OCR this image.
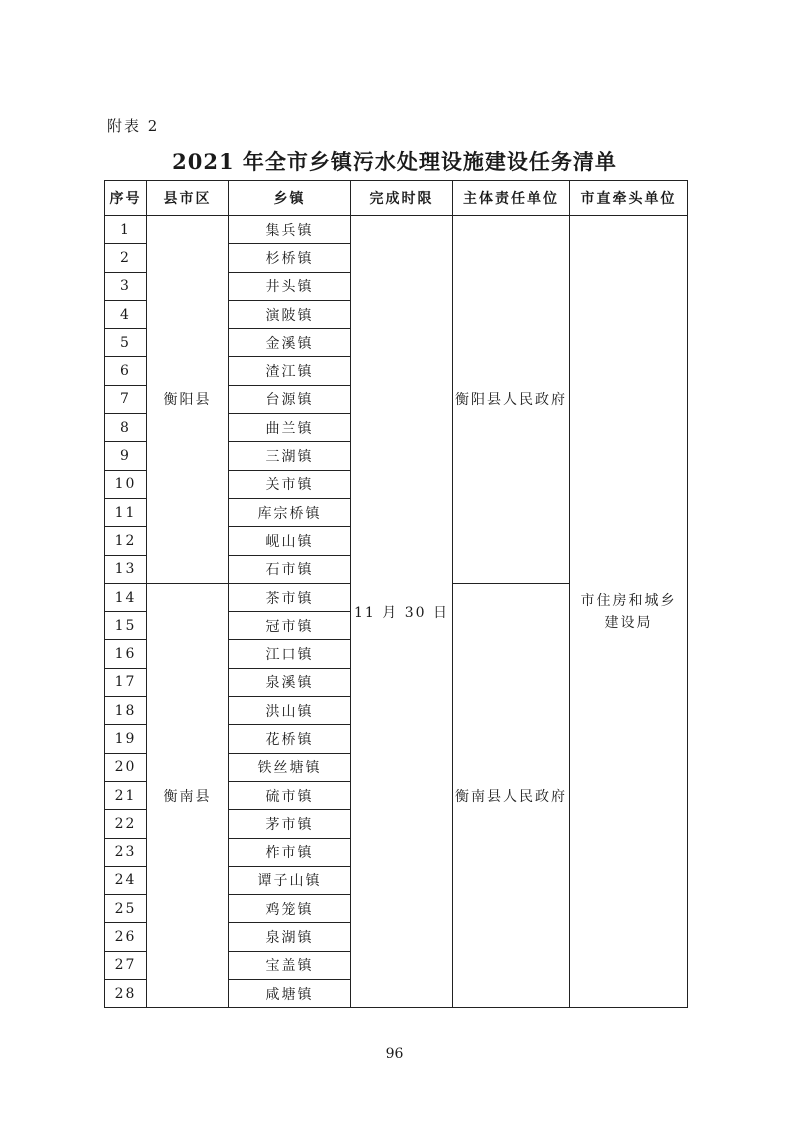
附表 2
2021 年全市乡镇污水处理设施建设任务清单
序号	县市区	乡镇	完成时限	主体责任单位	市直牵头单位
1	衡阳县	集兵镇	11 月 30 日	衡阳县人民政府	市住房和城乡建设局
2		杉桥镇			
3		井头镇			
4		演陂镇			
5		金溪镇			
6		渣江镇			
7		台源镇			
8		曲兰镇			
9		三湖镇			
10		关市镇			
11		库宗桥镇			
12		岘山镇			
13		石市镇			
14	衡南县	茶市镇		衡南县人民政府	
15		冠市镇			
16		江口镇			
17		泉溪镇			
18		洪山镇			
19		花桥镇			
20		铁丝塘镇			
21		硫市镇			
22		茅市镇			
23		柞市镇			
24		谭子山镇			
25		鸡笼镇			
26		泉湖镇			
27		宝盖镇			
28		咸塘镇			
96
